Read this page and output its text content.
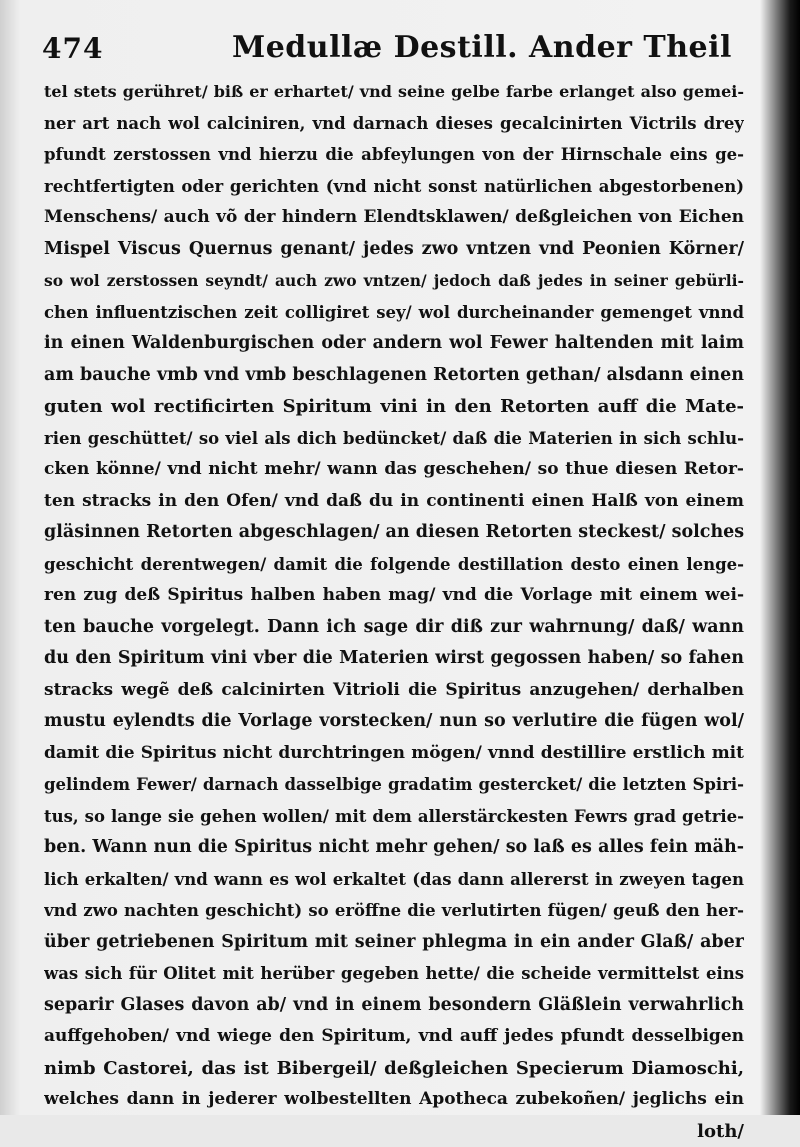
474	Medullæ Destill. Ander Theil
tel stets gerühret/ biß er erhartet/ vnd seine gelbe farbe erlanget also gemei-
ner art nach wol calciniren, vnd darnach dieses gecalcinirten Victrils drey
pfundt zerstossen vnd hierzu die abfeylungen von der Hirnschale eins ge-
rechtfertigten oder gerichten (vnd nicht sonst natürlichen abgestorbenen)
Menschens/ auch võ der hindern Elendtsklawen/ deßgleichen von Eichen
Mispel Viscus Quernus genant/ jedes zwo vntzen vnd Peonien Körner/
so wol zerstossen seyndt/ auch zwo vntzen/ jedoch daß jedes in seiner gebürli-
chen influentzischen zeit colligiret sey/ wol durcheinander gemenget vnnd
in einen Waldenburgischen oder andern wol Fewer haltenden mit laim
am bauche vmb vnd vmb beschlagenen Retorten gethan/ alsdann einen
guten wol rectificirten Spiritum vini in den Retorten auff die Mate-
rien geschüttet/ so viel als dich bedüncket/ daß die Materien in sich schlu-
cken könne/ vnd nicht mehr/ wann das geschehen/ so thue diesen Retor-
ten stracks in den Ofen/ vnd daß du in continenti einen Halß von einem
gläsinnen Retorten abgeschlagen/ an diesen Retorten steckest/ solches
geschicht derentwegen/ damit die folgende destillation desto einen lenge-
ren zug deß Spiritus halben haben mag/ vnd die Vorlage mit einem wei-
ten bauche vorgelegt. Dann ich sage dir diß zur wahrnung/ daß/ wann
du den Spiritum vini vber die Materien wirst gegossen haben/ so fahen
stracks wegẽ deß calcinirten Vitrioli die Spiritus anzugehen/ derhalben
mustu eylendts die Vorlage vorstecken/ nun so verlutire die fügen wol/
damit die Spiritus nicht durchtringen mögen/ vnnd destillire erstlich mit
gelindem Fewer/ darnach dasselbige gradatim gestercket/ die letzten Spiri-
tus, so lange sie gehen wollen/ mit dem allerstärckesten Fewrs grad getrie-
ben. Wann nun die Spiritus nicht mehr gehen/ so laß es alles fein mäh-
lich erkalten/ vnd wann es wol erkaltet (das dann allererst in zweyen tagen
vnd zwo nachten geschicht) so eröffne die verlutirten fügen/ geuß den her-
über getriebenen Spiritum mit seiner phlegma in ein ander Glaß/ aber
was sich für Olitet mit herüber gegeben hette/ die scheide vermittelst eins
separir Glases davon ab/ vnd in einem besondern Gläßlein verwahrlich
auffgehoben/ vnd wiege den Spiritum, vnd auff jedes pfundt desselbigen
nimb Castorei, das ist Bibergeil/ deßgleichen Specierum Diamoschi,
welches dann in jederer wolbestellten Apotheca zubekoñen/ jeglichs ein
loth/
